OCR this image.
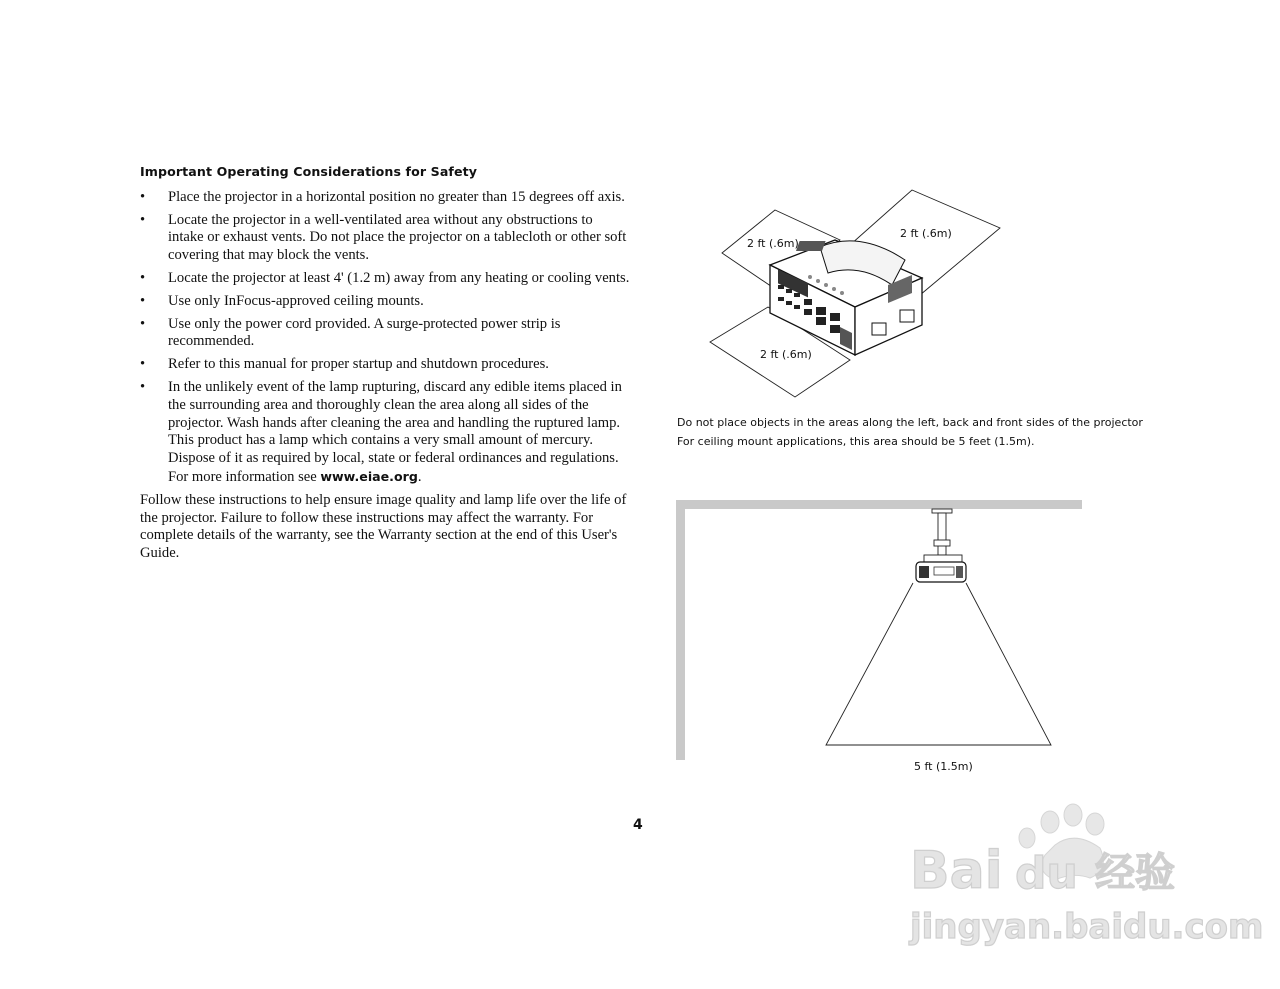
Important Operating Considerations for Safety
• Place the projector in a horizontal position no greater than 15 degrees off axis.
• Locate the projector in a well-ventilated area without any obstructions to intake or exhaust vents. Do not place the projector on a tablecloth or other soft covering that may block the vents.
• Locate the projector at least 4' (1.2 m) away from any heating or cooling vents.
• Use only InFocus-approved ceiling mounts.
• Use only the power cord provided. A surge-protected power strip is recommended.
• Refer to this manual for proper startup and shutdown procedures.
• In the unlikely event of the lamp rupturing, discard any edible items placed in the surrounding area and thoroughly clean the area along all sides of the projector. Wash hands after cleaning the area and handling the ruptured lamp. This product has a lamp which contains a very small amount of mercury. Dispose of it as required by local, state or federal ordinances and regulations. For more information see www.eiae.org.

Follow these instructions to help ensure image quality and lamp life over the life of the projector. Failure to follow these instructions may affect the warranty. For complete details of the warranty, see the Warranty section at the end of this User's Guide.

2 ft (.6m)
2 ft (.6m)
2 ft (.6m)
Do not place objects in the areas along the left, back and front sides of the projector
For ceiling mount applications, this area should be 5 feet (1.5m).
5 ft (1.5m)
4
Bai du 经验
jingyan.baidu.com
